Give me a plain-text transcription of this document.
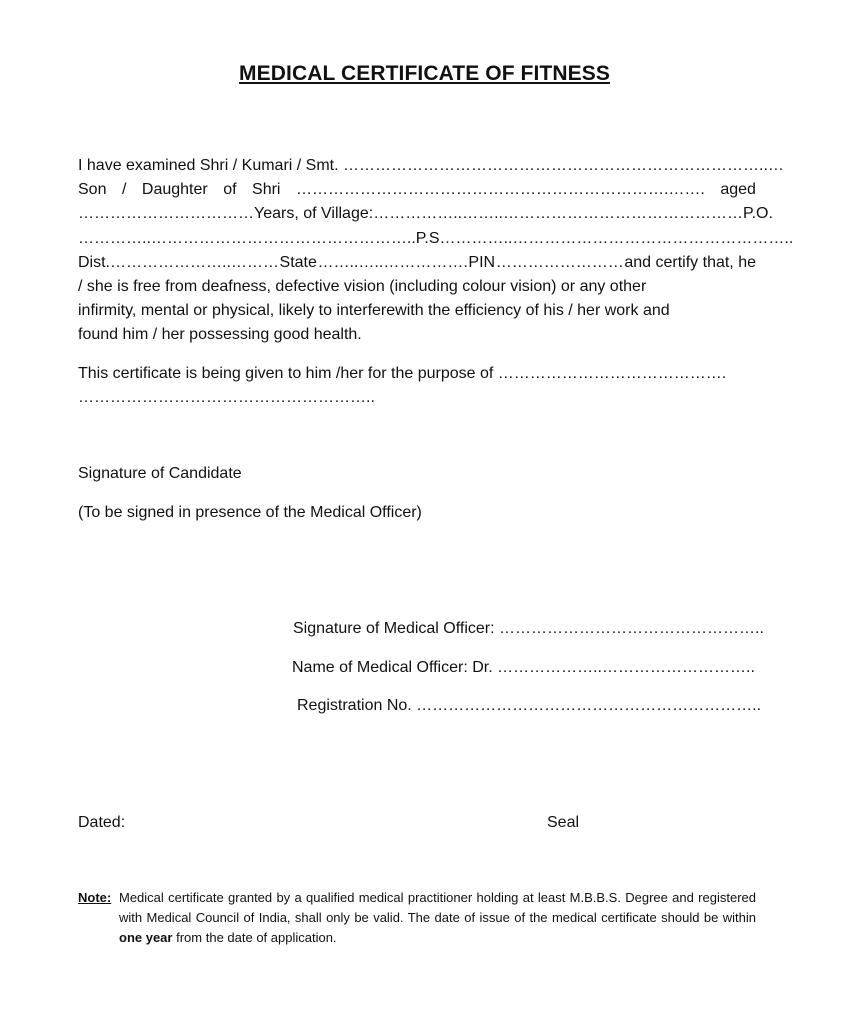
MEDICAL CERTIFICATE OF FITNESS
I have examined Shri / Kumari / Smt. ……………………………………………………………………..…
Son / Daughter of Shri …………………………………………………………….……. aged
…………………………… Years, of Village: ……………..……..……………………………………… P.O.
…………..………………………………………….. P.S …………..……………………………………………..
Dist.…………………..……… State ……..…..……………. PIN …………………… and certify that, he
/ she is free from deafness, defective vision (including colour vision) or any other
infirmity, mental or physical, likely to interferewith the efficiency of his / her work and
found him / her possessing good health.
This certificate is being given to him /her for the purpose of …………………………………….
………………………………………………..
Signature of Candidate
(To be signed in presence of the Medical Officer)
Signature of Medical Officer: …………………………………………..
Name of Medical Officer: Dr. ………………..………………………..
Registration No. ………………………………………………………..
Dated:	Seal
Note: Medical certificate granted by a qualified medical practitioner holding at least M.B.B.S. Degree and registered with Medical Council of India, shall only be valid. The date of issue of the medical certificate should be within one year from the date of application.
